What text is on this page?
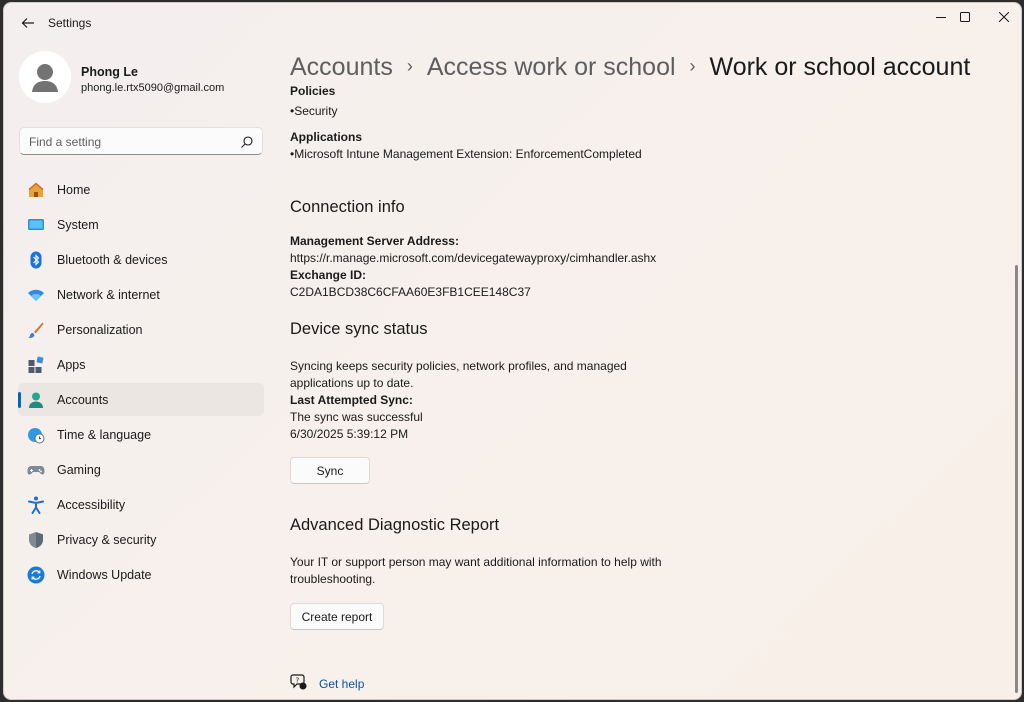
Settings
Phong Le
phong.le.rtx5090@gmail.com
Find a setting
Home
System
Bluetooth & devices
Network & internet
Personalization
Apps
Accounts
Time & language
Gaming
Accessibility
Privacy & security
Windows Update
Accounts › Access work or school › Work or school account
Policies
•Security
Applications
•Microsoft Intune Management Extension: EnforcementCompleted
Connection info
Management Server Address:
https://r.manage.microsoft.com/devicegatewayproxy/cimhandler.ashx
Exchange ID:
C2DA1BCD38C6CFAA60E3FB1CEE148C37
Device sync status
Syncing keeps security policies, network profiles, and managed
applications up to date.
Last Attempted Sync:
The sync was successful
6/30/2025 5:39:12 PM
Sync
Advanced Diagnostic Report
Your IT or support person may want additional information to help with
troubleshooting.
Create report
? Get help
